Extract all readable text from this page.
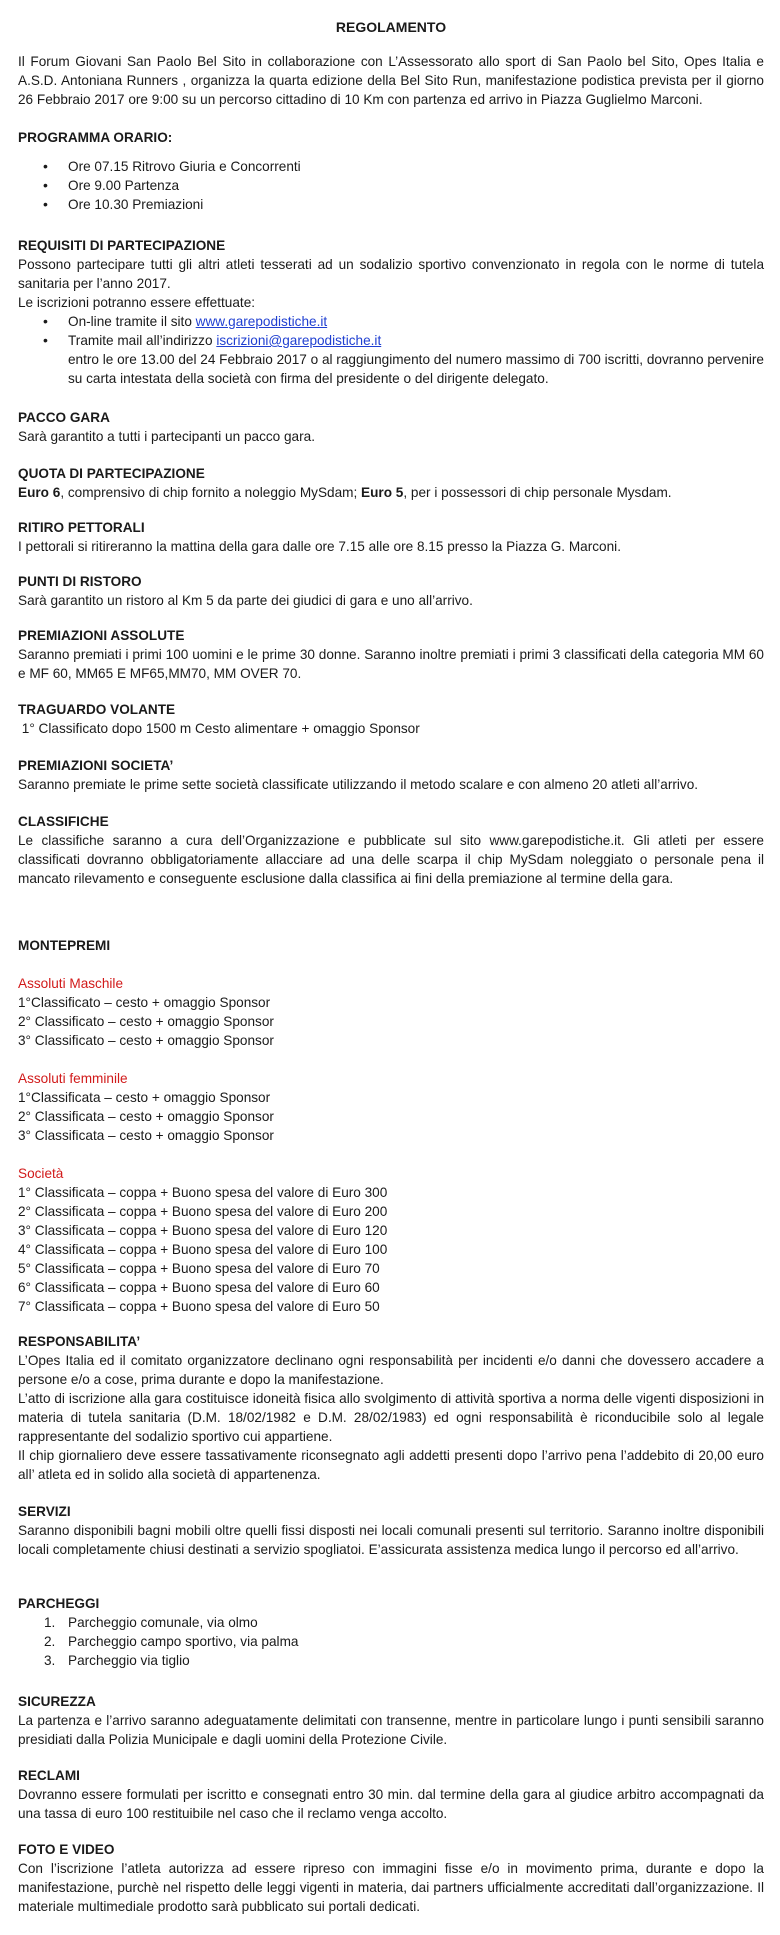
REGOLAMENTO
Il Forum Giovani San Paolo Bel Sito in collaborazione con L’Assessorato allo sport di San Paolo bel Sito, Opes Italia e A.S.D. Antoniana Runners , organizza la quarta edizione della Bel Sito Run, manifestazione podistica prevista per il giorno 26 Febbraio 2017 ore 9:00 su un percorso cittadino di 10 Km con partenza ed arrivo in Piazza Guglielmo Marconi.
PROGRAMMA ORARIO:
• Ore 07.15 Ritrovo Giuria e Concorrenti
• Ore 9.00 Partenza
• Ore 10.30 Premiazioni
REQUISITI DI PARTECIPAZIONE
Possono partecipare tutti gli altri atleti tesserati ad un sodalizio sportivo convenzionato in regola con le norme di tutela sanitaria per l’anno 2017.
Le iscrizioni potranno essere effettuate:
• On-line tramite il sito www.garepodistiche.it
• Tramite mail all’indirizzo iscrizioni@garepodistiche.it
entro le ore 13.00 del 24 Febbraio 2017 o al raggiungimento del numero massimo di 700 iscritti, dovranno pervenire su carta intestata della società con firma del presidente o del dirigente delegato.
PACCO GARA
Sarà garantito a tutti i partecipanti un pacco gara.
QUOTA DI PARTECIPAZIONE
Euro 6, comprensivo di chip fornito a noleggio MySdam; Euro 5, per i possessori di chip personale Mysdam.
RITIRO PETTORALI
I pettorali si ritireranno la mattina della gara dalle ore 7.15 alle ore 8.15 presso la Piazza G. Marconi.
PUNTI DI RISTORO
Sarà garantito un ristoro al Km 5 da parte dei giudici di gara e uno all’arrivo.
PREMIAZIONI ASSOLUTE
Saranno premiati i primi 100 uomini e le prime 30 donne. Saranno inoltre premiati i primi 3 classificati della categoria MM 60 e MF 60, MM65 E MF65,MM70, MM OVER 70.
TRAGUARDO VOLANTE
1° Classificato dopo 1500 m Cesto alimentare + omaggio Sponsor
PREMIAZIONI SOCIETA’
Saranno premiate le prime sette società classificate utilizzando il metodo scalare e con almeno 20 atleti all’arrivo.
CLASSIFICHE
Le classifiche saranno a cura dell’Organizzazione e pubblicate sul sito www.garepodistiche.it. Gli atleti per essere classificati dovranno obbligatoriamente allacciare ad una delle scarpa il chip MySdam noleggiato o personale pena il mancato rilevamento e conseguente esclusione dalla classifica ai fini della premiazione al termine della gara.
MONTEPREMI
Assoluti Maschile
1°Classificato – cesto + omaggio Sponsor
2° Classificato – cesto + omaggio Sponsor
3° Classificato – cesto + omaggio Sponsor
Assoluti femminile
1°Classificata – cesto + omaggio Sponsor
2° Classificata – cesto + omaggio Sponsor
3° Classificata – cesto + omaggio Sponsor
Società
1° Classificata – coppa + Buono spesa del valore di Euro 300
2° Classificata – coppa + Buono spesa del valore di Euro 200
3° Classificata – coppa + Buono spesa del valore di Euro 120
4° Classificata – coppa + Buono spesa del valore di Euro 100
5° Classificata – coppa + Buono spesa del valore di Euro 70
6° Classificata – coppa + Buono spesa del valore di Euro 60
7° Classificata – coppa + Buono spesa del valore di Euro 50
RESPONSABILITA’
L’Opes Italia ed il comitato organizzatore declinano ogni responsabilità per incidenti e/o danni che dovessero accadere a persone e/o a cose, prima durante e dopo la manifestazione.
L’atto di iscrizione alla gara costituisce idoneità fisica allo svolgimento di attività sportiva a norma delle vigenti disposizioni in materia di tutela sanitaria (D.M. 18/02/1982 e D.M. 28/02/1983) ed ogni responsabilità è riconducibile solo al legale rappresentante del sodalizio sportivo cui appartiene.
Il chip giornaliero deve essere tassativamente riconsegnato agli addetti presenti dopo l’arrivo pena l’addebito di 20,00 euro all’ atleta ed in solido alla società di appartenenza.
SERVIZI
Saranno disponibili bagni mobili oltre quelli fissi disposti nei locali comunali presenti sul territorio. Saranno inoltre disponibili locali completamente chiusi destinati a servizio spogliatoi. E’assicurata assistenza medica lungo il percorso ed all’arrivo.
PARCHEGGI
1. Parcheggio comunale, via olmo
2. Parcheggio campo sportivo, via palma
3. Parcheggio via tiglio
SICUREZZA
La partenza e l’arrivo saranno adeguatamente delimitati con transenne, mentre in particolare lungo i punti sensibili saranno presidiati dalla Polizia Municipale e dagli uomini della Protezione Civile.
RECLAMI
Dovranno essere formulati per iscritto e consegnati entro 30 min. dal termine della gara al giudice arbitro accompagnati da una tassa di euro 100 restituibile nel caso che il reclamo venga accolto.
FOTO E VIDEO
Con l’iscrizione l’atleta autorizza ad essere ripreso con immagini fisse e/o in movimento prima, durante e dopo la manifestazione, purchè nel rispetto delle leggi vigenti in materia, dai partners ufficialmente accreditati dall’organizzazione. Il materiale multimediale prodotto sarà pubblicato sui portali dedicati.
